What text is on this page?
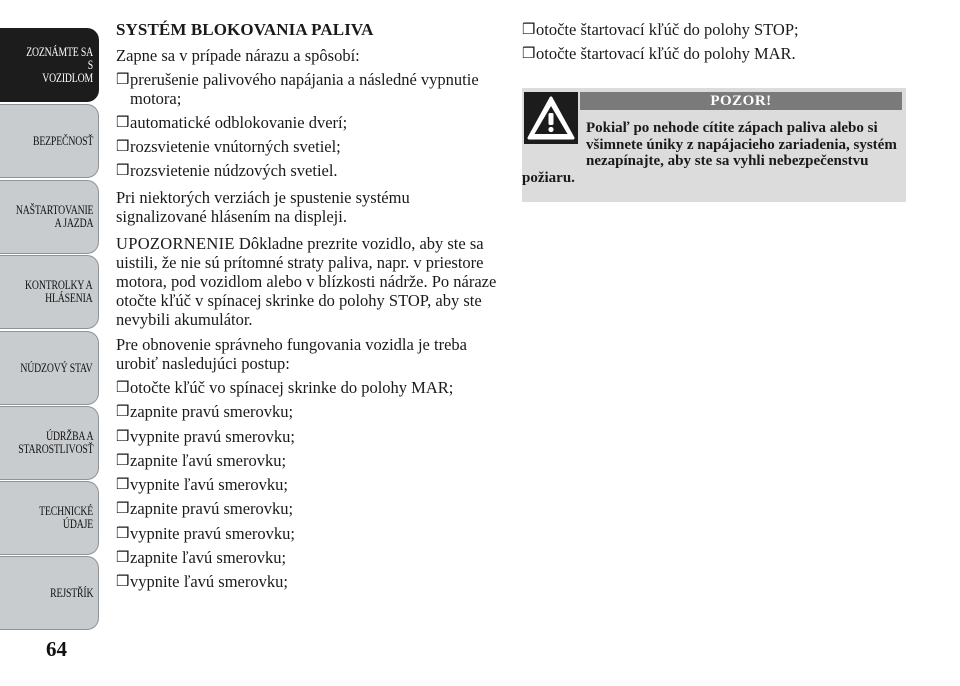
ZOZNÁMTE SA S
VOZIDLOM
BEZPEČNOSŤ
NAŠTARTOVANIE
A JAZDA
KONTROLKY A
HLÁSENIA
NÚDZOVÝ STAV
ÚDRŽBA A
STAROSTLIVOSŤ
TECHNICKÉ
ÚDAJE
REJSTŘÍK
64
SYSTÉM BLOKOVANIA PALIVA

Zapne sa v prípade nárazu a spôsobí:

❒ prerušenie palivového napájania a následné vypnutie motora;
❒ automatické odblokovanie dverí;
❒ rozsvietenie vnútorných svetiel;
❒ rozsvietenie núdzových svetiel.

Pri niektorých verziách je spustenie systému signalizované hlásením na displeji.

UPOZORNENIE Dôkladne prezrite vozidlo, aby ste sa uistili, že nie sú prítomné straty paliva, napr. v priestore motora, pod vozidlom alebo v blízkosti nádrže. Po náraze otočte kľúč v spínacej skrinke do polohy STOP, aby ste nevybili akumulátor.

Pre obnovenie správneho fungovania vozidla je treba urobiť nasledujúci postup:

❒ otočte kľúč vo spínacej skrinke do polohy MAR;
❒ zapnite pravú smerovku;
❒ vypnite pravú smerovku;
❒ zapnite ľavú smerovku;
❒ vypnite ľavú smerovku;
❒ zapnite pravú smerovku;
❒ vypnite pravú smerovku;
❒ zapnite ľavú smerovku;
❒ vypnite ľavú smerovku;
❒ otočte štartovací kľúč do polohy STOP;
❒ otočte štartovací kľúč do polohy MAR.
POZOR!
Pokiaľ po nehode cítite zápach paliva alebo si všimnete úniky z napájacieho zariadenia, systém nezapínajte, aby ste sa vyhli nebezpečenstvu požiaru.
